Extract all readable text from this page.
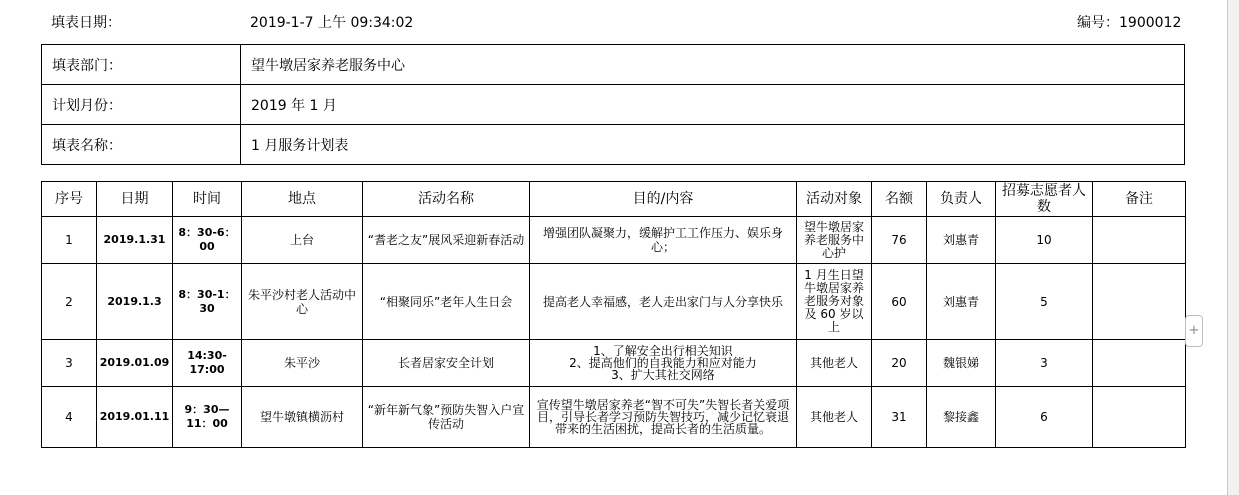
填表日期：	2019-1-7 上午 09:34:02	编号：1900012
填表部门：	望牛墩居家养老服务中心
计划月份：	2019 年 1 月
填表名称：	1 月服务计划表
序号	日期	时间	地点	活动名称	目的/内容	活动对象	名额	负责人	招募志愿者人数	备注
1	2019.1.31	8：30-6：00	上台	“耆老之友”展风采迎新春活动	增强团队凝聚力，缓解护工工作压力、娱乐身心；	望牛墩居家养老服务中心护	76	刘惠青	10	
2	2019.1.3	8：30-1：30	朱平沙村老人活动中心	“相聚同乐”老年人生日会	提高老人幸福感，老人走出家门与人分享快乐	1 月生日望牛墩居家养老服务对象及 60 岁以上	60	刘惠青	5	
3	2019.01.09	14:30-17:00	朱平沙	长者居家安全计划	1、了解安全出行相关知识
2、提高他们的自我能力和应对能力
3、扩大其社交网络	其他老人	20	魏银娣	3	
4	2019.01.11	9：30—11：00	望牛墩镇横沥村	“新年新气象”预防失智入户宣传活动	宣传望牛墩居家养老“智不可失”失智长者关爱项目，引导长者学习预防失智技巧，减少记忆衰退带来的生活困扰，提高长者的生活质量。	其他老人	31	黎接鑫	6	
+
